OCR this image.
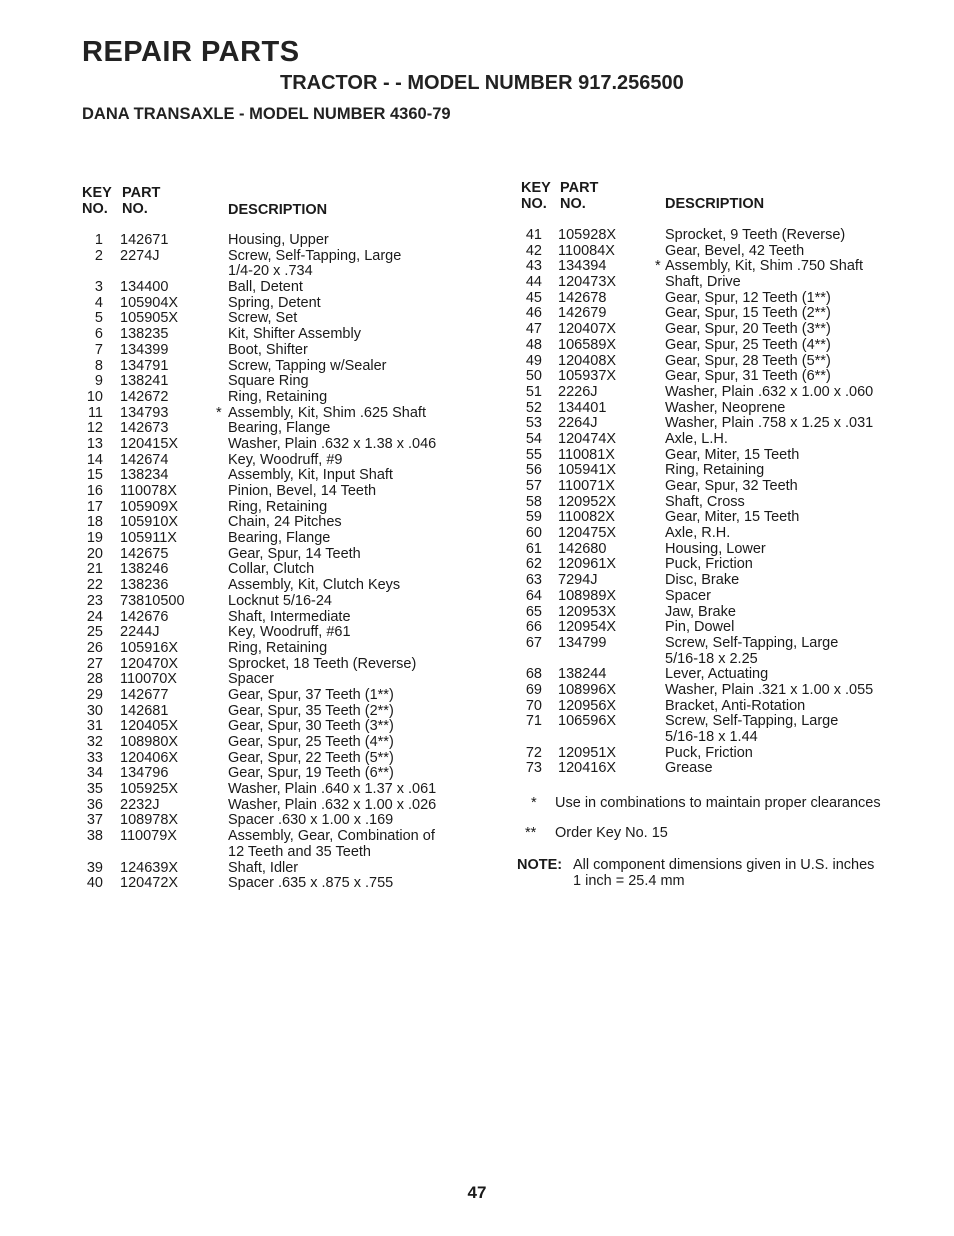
REPAIR PARTS
TRACTOR - - MODEL NUMBER 917.256500
DANA TRANSAXLE - MODEL NUMBER 4360-79
KEY PART
NO. NO.	DESCRIPTION
1 142671	Housing, Upper
2 2274J	Screw, Self-Tapping, Large
1/4-20 x .734
3 134400	Ball, Detent
4 105904X	Spring, Detent
5 105905X	Screw, Set
6 138235	Kit, Shifter Assembly
7 134399	Boot, Shifter
8 134791	Screw, Tapping w/Sealer
9 138241	Square Ring
10 142672	Ring, Retaining
11 134793	* Assembly, Kit, Shim .625 Shaft
12 142673	Bearing, Flange
13 120415X	Washer, Plain .632 x 1.38 x .046
14 142674	Key, Woodruff, #9
15 138234	Assembly, Kit, Input Shaft
16 110078X	Pinion, Bevel, 14 Teeth
17 105909X	Ring, Retaining
18 105910X	Chain, 24 Pitches
19 105911X	Bearing, Flange
20 142675	Gear, Spur, 14 Teeth
21 138246	Collar, Clutch
22 138236	Assembly, Kit, Clutch Keys
23 73810500	Locknut 5/16-24
24 142676	Shaft, Intermediate
25 2244J	Key, Woodruff, #61
26 105916X	Ring, Retaining
27 120470X	Sprocket, 18 Teeth (Reverse)
28 110070X	Spacer
29 142677	Gear, Spur, 37 Teeth (1**)
30 142681	Gear, Spur, 35 Teeth (2**)
31 120405X	Gear, Spur, 30 Teeth (3**)
32 108980X	Gear, Spur, 25 Teeth (4**)
33 120406X	Gear, Spur, 22 Teeth (5**)
34 134796	Gear, Spur, 19 Teeth (6**)
35 105925X	Washer, Plain .640 x 1.37 x .061
36 2232J	Washer, Plain .632 x 1.00 x .026
37 108978X	Spacer .630 x 1.00 x .169
38 110079X	Assembly, Gear, Combination of
12 Teeth and 35 Teeth
39 124639X	Shaft, Idler
40 120472X	Spacer .635 x .875 x .755
KEY PART
NO. NO.	DESCRIPTION
41 105928X	Sprocket, 9 Teeth (Reverse)
42 110084X	Gear, Bevel, 42 Teeth
43 134394	* Assembly, Kit, Shim .750 Shaft
44 120473X	Shaft, Drive
45 142678	Gear, Spur, 12 Teeth (1**)
46 142679	Gear, Spur, 15 Teeth (2**)
47 120407X	Gear, Spur, 20 Teeth (3**)
48 106589X	Gear, Spur, 25 Teeth (4**)
49 120408X	Gear, Spur, 28 Teeth (5**)
50 105937X	Gear, Spur, 31 Teeth (6**)
51 2226J	Washer, Plain .632 x 1.00 x .060
52 134401	Washer, Neoprene
53 2264J	Washer, Plain .758 x 1.25 x .031
54 120474X	Axle, L.H.
55 110081X	Gear, Miter, 15 Teeth
56 105941X	Ring, Retaining
57 110071X	Gear, Spur, 32 Teeth
58 120952X	Shaft, Cross
59 110082X	Gear, Miter, 15 Teeth
60 120475X	Axle, R.H.
61 142680	Housing, Lower
62 120961X	Puck, Friction
63 7294J	Disc, Brake
64 108989X	Spacer
65 120953X	Jaw, Brake
66 120954X	Pin, Dowel
67 134799	Screw, Self-Tapping, Large
5/16-18 x 2.25
68 138244	Lever, Actuating
69 108996X	Washer, Plain .321 x 1.00 x .055
70 120956X	Bracket, Anti-Rotation
71 106596X	Screw, Self-Tapping, Large
5/16-18 x 1.44
72 120951X	Puck, Friction
73 120416X	Grease
* Use in combinations to maintain proper clearances
** Order Key No. 15
NOTE: All component dimensions given in U.S. inches
1 inch = 25.4 mm
47
